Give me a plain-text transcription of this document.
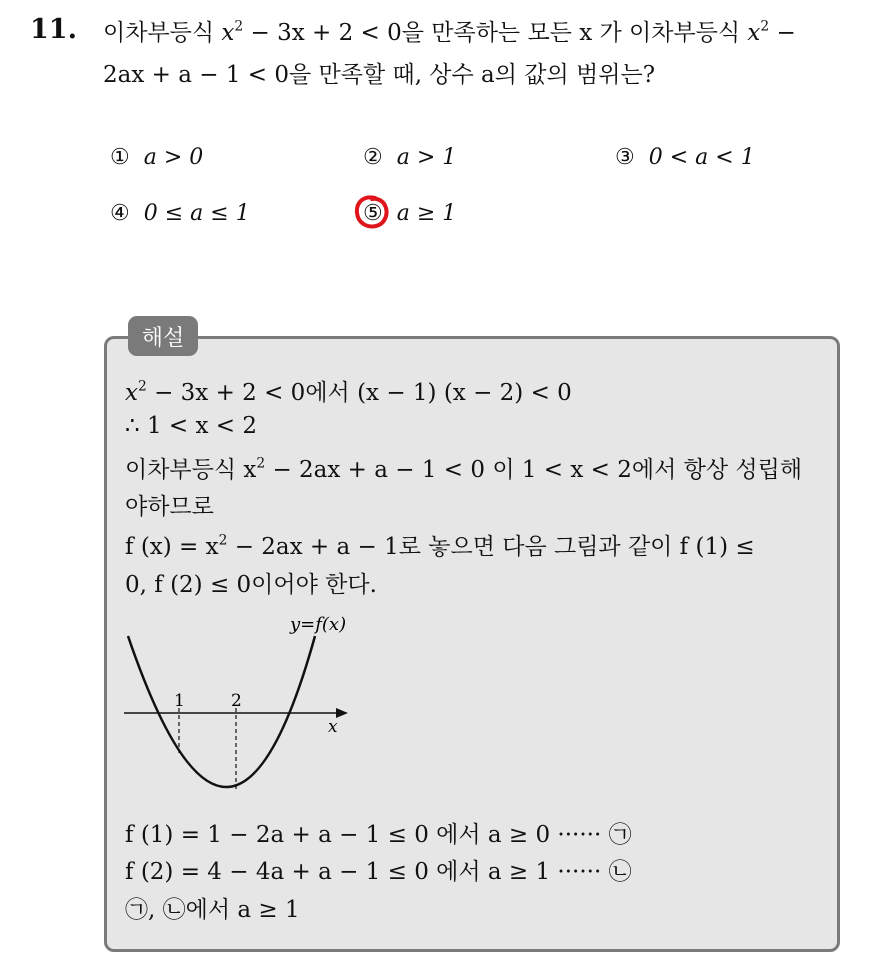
11. 이차부등식 $x^2 - 3x + 2 < 0$을 만족하는 모든 x 가 이차부등식 $x^2$ −
2ax + a − 1 < 0을 만족할 때, 상수 a의 값의 범위는?
① a > 0	② a > 1	③ 0 < a < 1
④ 0 ≤ a ≤ 1	⑤ a ≥ 1
해설
$x^2 - 3x + 2 < 0$에서 (x − 1) (x − 2) < 0
∴ 1 < x < 2
이차부등식 $x^2 - 2ax + a - 1 < 0$ 이 1 < x < 2에서 항상 성립해
야하므로
f $(x) = x^2 - 2ax + a - 1$로 놓으면 다음 그림과 같이 f (1) ≤
0, f (2) ≤ 0이어야 한다.
1	2
x
y=f(x)
f (1) = 1 − 2a + a − 1 ≤ 0 에서 a ≥ 0 ······ ㉠
f (2) = 4 − 4a + a − 1 ≤ 0 에서 a ≥ 1 ······ ㉡
㉠, ㉡에서 a ≥ 1
